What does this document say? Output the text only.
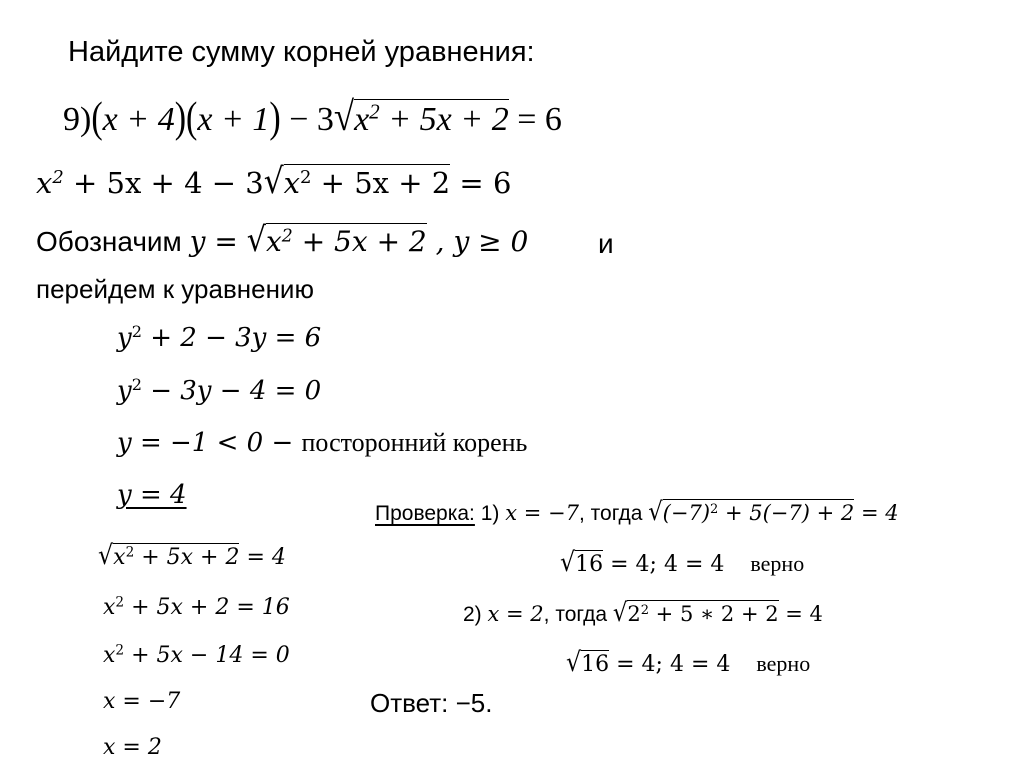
Найдите сумму корней уравнения:
$9)(x + 4)(x + 1) - 3√x^2 + 5x + 2 = 6$
$x^2 + 5x + 4 - 3√x^2 + 5x + 2 = 6$
Обозначим $y = √x^2 + 5x + 2$ , y ≥ 0 и
перейдем к уравнению
$y^2 + 2 - 3y = 6$
$y^2 - 3y - 4 = 0$
y = −1 < 0 − посторонний корень
y = 4
$√x^2 + 5x + 2 = 4$
$x^2 + 5x + 2 = 16$
$x^2 + 5x - 14 = 0$
x = −7
x = 2
Проверка: 1) x = −7, тогда $√(-7)^2 + 5(-7) + 2 = 4$
√16 = 4; 4 = 4 верно
2) x = 2, тогда $√2^2 + 5$ ∗ 2 + 2 = 4
√16 = 4; 4 = 4 верно
Ответ: −5.
